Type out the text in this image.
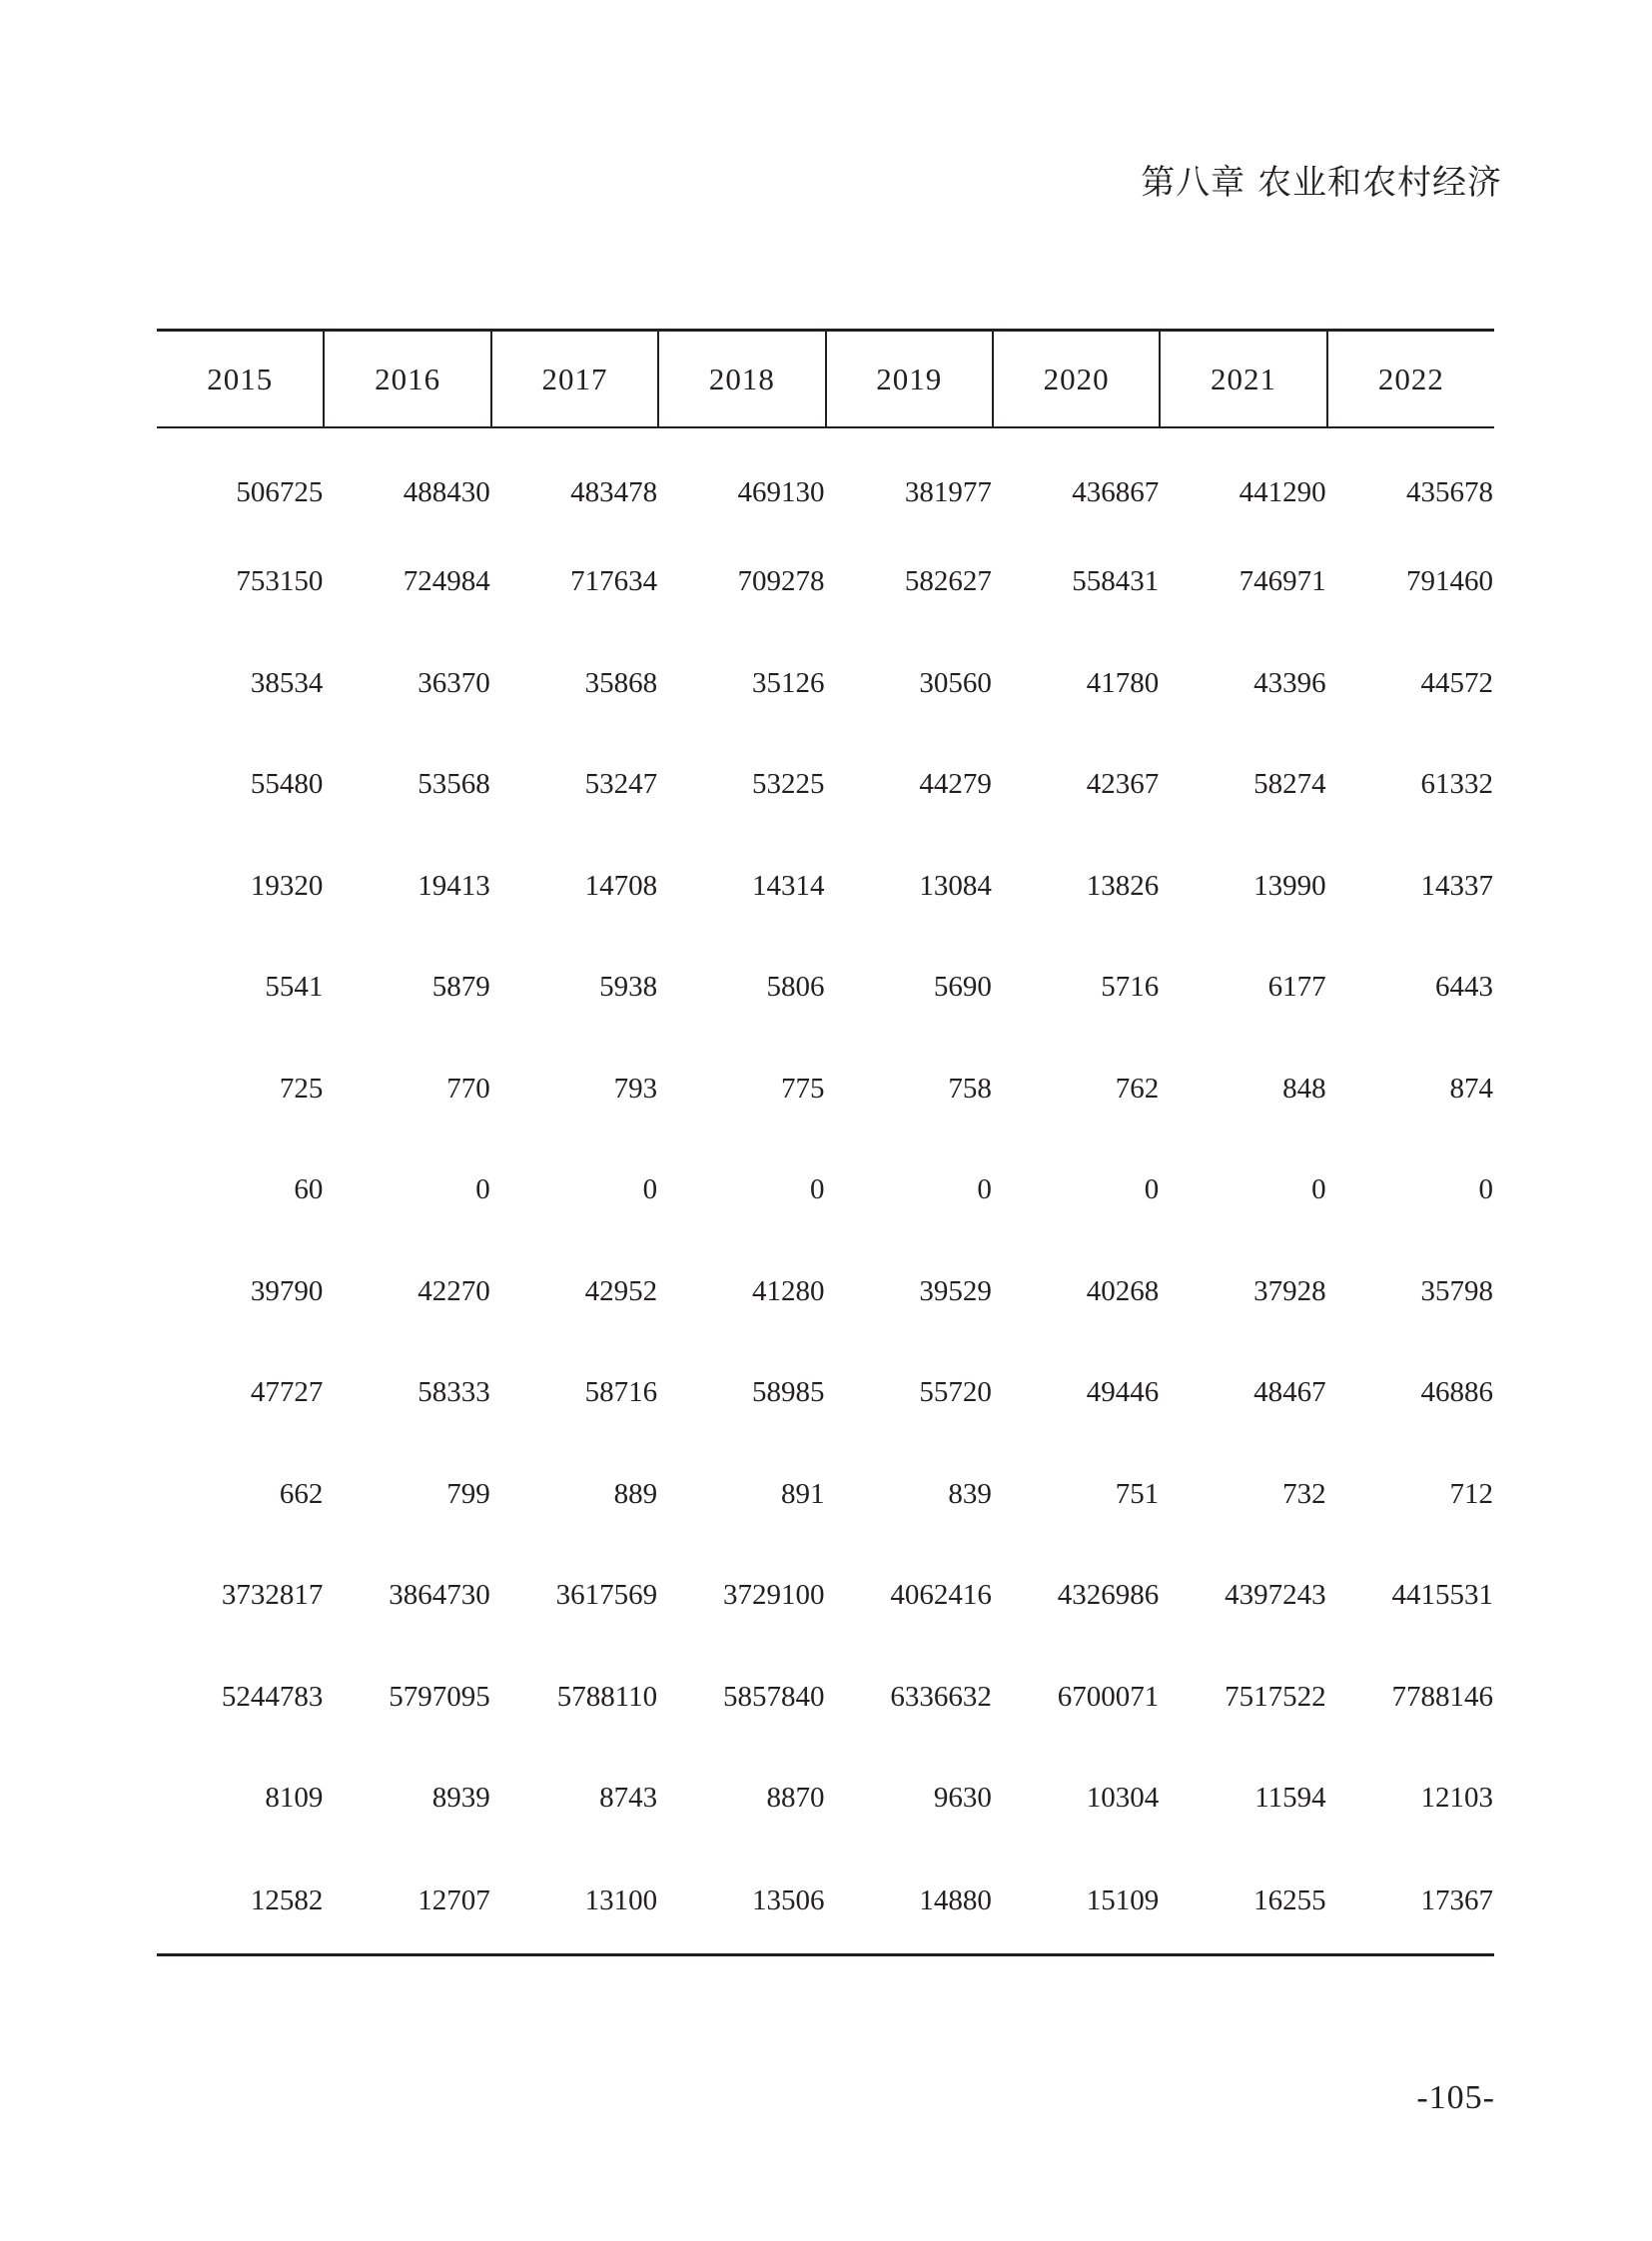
第八章 农业和农村经济
2015	2016	2017	2018	2019	2020	2021	2022
506725	488430	483478	469130	381977	436867	441290	435678
753150	724984	717634	709278	582627	558431	746971	791460
38534	36370	35868	35126	30560	41780	43396	44572
55480	53568	53247	53225	44279	42367	58274	61332
19320	19413	14708	14314	13084	13826	13990	14337
5541	5879	5938	5806	5690	5716	6177	6443
725	770	793	775	758	762	848	874
60	0	0	0	0	0	0	0
39790	42270	42952	41280	39529	40268	37928	35798
47727	58333	58716	58985	55720	49446	48467	46886
662	799	889	891	839	751	732	712
3732817	3864730	3617569	3729100	4062416	4326986	4397243	4415531
5244783	5797095	5788110	5857840	6336632	6700071	7517522	7788146
8109	8939	8743	8870	9630	10304	11594	12103
12582	12707	13100	13506	14880	15109	16255	17367
-105-
